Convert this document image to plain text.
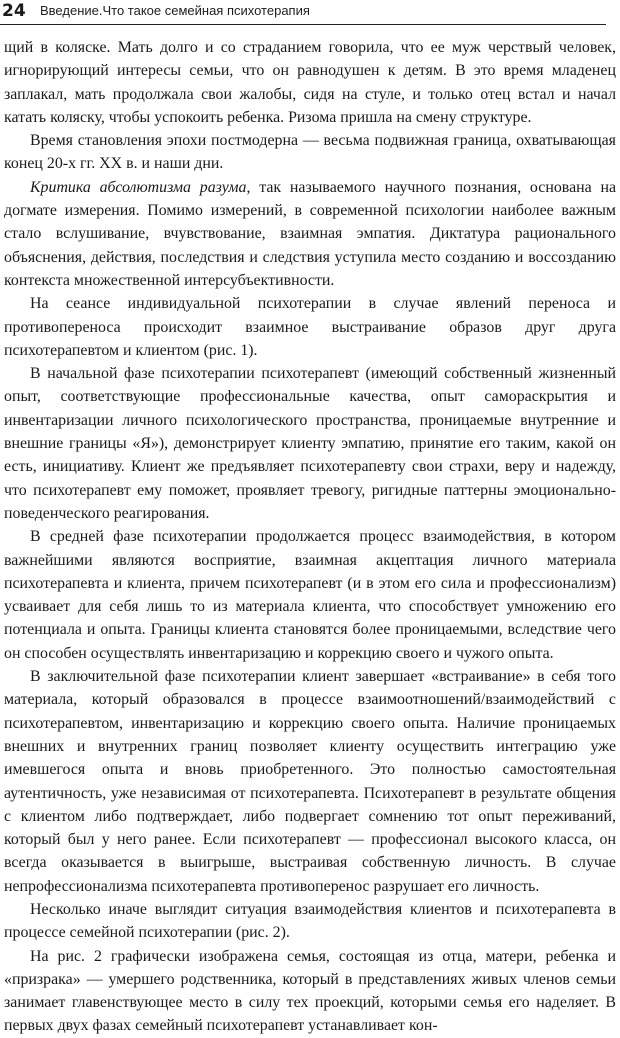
24 Введение.Что такое семейная психотерапия

щий в коляске. Мать долго и со страданием говорила, что ее муж черствый человек, игнорирующий интересы семьи, что он равнодушен к детям. В это время младенец заплакал, мать продолжала свои жалобы, сидя на стуле, и только отец встал и начал катать коляску, чтобы успокоить ребенка. Ризома пришла на смену структуре.

Время становления эпохи постмодерна — весьма подвижная граница, охватывающая конец 20-х гг. XX в. и наши дни.

Критика абсолютизма разума, так называемого научного познания, основана на догмате измерения. Помимо измерений, в современной психологии наиболее важным стало вслушивание, вчувствование, взаимная эмпатия. Диктатура рационального объяснения, действия, последствия и следствия уступила место созданию и воссозданию контекста множественной интерсубъективности.

На сеансе индивидуальной психотерапии в случае явлений переноса и противопереноса происходит взаимное выстраивание образов друг друга психотерапевтом и клиентом (рис. 1).

В начальной фазе психотерапии психотерапевт (имеющий собственный жизненный опыт, соответствующие профессиональные качества, опыт самораскрытия и инвентаризации личного психологического пространства, проницаемые внутренние и внешние границы «Я»), демонстрирует клиенту эмпатию, принятие его таким, какой он есть, инициативу. Клиент же предъявляет психотерапевту свои страхи, веру и надежду, что психотерапевт ему поможет, проявляет тревогу, ригидные паттерны эмоционально-поведенческого реагирования.

В средней фазе психотерапии продолжается процесс взаимодействия, в котором важнейшими являются восприятие, взаимная акцептация личного материала психотерапевта и клиента, причем психотерапевт (и в этом его сила и профессионализм) усваивает для себя лишь то из материала клиента, что способствует умножению его потенциала и опыта. Границы клиента становятся более проницаемыми, вследствие чего он способен осуществлять инвентаризацию и коррекцию своего и чужого опыта.

В заключительной фазе психотерапии клиент завершает «встраивание» в себя того материала, который образовался в процессе взаимоотношений/взаимодействий с психотерапевтом, инвентаризацию и коррекцию своего опыта. Наличие проницаемых внешних и внутренних границ позволяет клиенту осуществить интеграцию уже имевшегося опыта и вновь приобретенного. Это полностью самостоятельная аутентичность, уже независимая от психотерапевта. Психотерапевт в результате общения с клиентом либо подтверждает, либо подвергает сомнению тот опыт переживаний, который был у него ранее. Если психотерапевт — профессионал высокого класса, он всегда оказывается в выигрыше, выстраивая собственную личность. В случае непрофессионализма психотерапевта противоперенос разрушает его личность.

Несколько иначе выглядит ситуация взаимодействия клиентов и психотерапевта в процессе семейной психотерапии (рис. 2).

На рис. 2 графически изображена семья, состоящая из отца, матери, ребенка и «призрака» — умершего родственника, который в представлениях живых членов семьи занимает главенствующее место в силу тех проекций, которыми семья его наделяет. В первых двух фазах семейный психотерапевт устанавливает кон-
